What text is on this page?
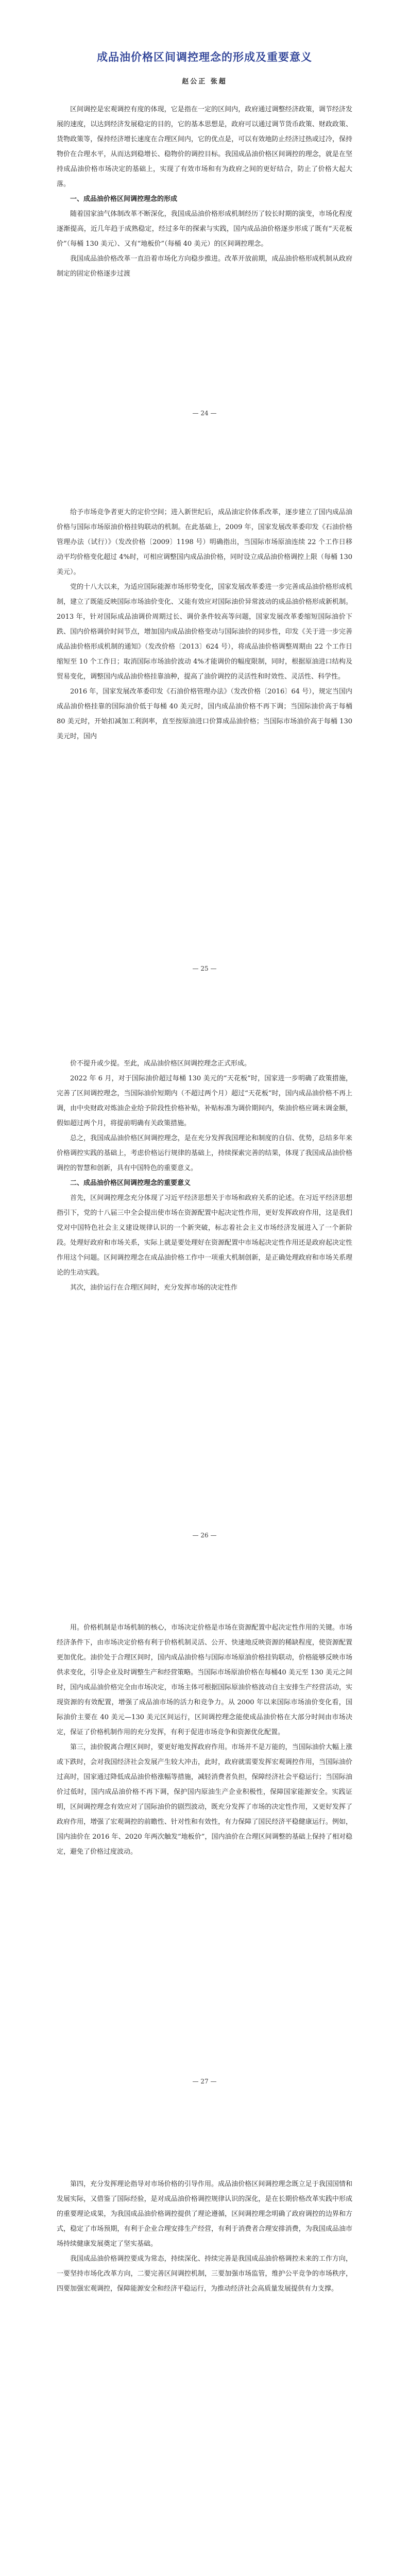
成品油价格区间调控理念的形成及重要意义
赵公正 张超

区间调控是宏观调控有度的体现，它是指在一定的区间内，政府通过调整经济政策，调节经济发展的速度，以达到经济发展稳定的目的，它的基本思想是，政府可以通过调节货币政策、财政政策、货物政策等，保持经济增长速度在合理区间内，它的优点是，可以有效地防止经济过热或过冷，保持物价在合理水平，从而达到稳增长、稳物价的调控目标。我国成品油价格区间调控的理念，就是在坚持成品油价格市场决定的基础上，实现了有效市场和有为政府之间的更好结合，防止了价格大起大落。

一、成品油价格区间调控理念的形成

随着国家油气体制改革不断深化，我国成品油价格形成机制经历了较长时期的演变，市场化程度逐渐提高，近几年趋于成熟稳定，经过多年的探索与实践，国内成品油价格逐步形成了既有“天花板价”（每桶 130 美元）、又有“地板价”（每桶 40 美元）的区间调控理念。

我国成品油价格改革一直沿着市场化方向稳步推进。改革开放前期，成品油价格形成机制从政府制定的固定价格逐步过渡

— 24 —

给予市场竞争者更大的定价空间；进入新世纪后，成品油定价体系改革，逐步建立了国内成品油价格与国际市场原油价格挂钩联动的机制。在此基础上，2009 年，国家发展改革委印发《石油价格管理办法（试行）》（发改价格〔2009〕1198 号）明确指出，当国际市场原油连续 22 个工作日移动平均价格变化超过 4%时，可相应调整国内成品油价格，同时设立成品油价格调控上限（每桶 130 美元）。

党的十八大以来，为适应国际能源市场形势变化，国家发展改革委进一步完善成品油价格形成机制，建立了既能反映国际市场油价变化、又能有效应对国际油价异常波动的成品油价格形成新机制。2013 年，针对国际成品油调价周期过长、调价条件较高等问题，国家发展改革委缩短国际油价下跌、国内价格调价时间节点，增加国内成品油价格变动与国际油价的同步性，印发《关于进一步完善成品油价格形成机制的通知》（发改价格〔2013〕624 号），将成品油价格调整周期由 22 个工作日缩短至 10 个工作日；取消国际市场油价波动 4%才能调价的幅度限制，同时，根据原油进口结构及贸易变化，调整国内成品油价格挂靠油种，提高了油价调控的灵活性和时效性、灵活性、科学性。

2016 年，国家发展改革委印发《石油价格管理办法》（发改价格〔2016〕64 号），规定当国内成品油价格挂靠的国际油价低于每桶 40 美元时，国内成品油价格不再下调；当国际油价高于每桶 80 美元时，开始扣减加工利润率，直至按原油进口价算成品油价格；当国际市场油价高于每桶 130 美元时，国内

— 25 —

价不提升或少提。至此，成品油价格区间调控理念正式形成。

2022 年 6 月，对于国际油价超过每桶 130 美元的“天花板”时，国家进一步明确了政策措施，完善了区间调控理念，当国际油价短期内（不超过两个月）超过“天花板”时，国内成品油价格不再上调，由中央财政对炼油企业给予阶段性价格补贴，补贴标准为调价期间内，柴油价格应调未调金额，假如超过两个月，将提前明确有关政策措施。

总之，我国成品油价格区间调控理念，是在充分发挥我国理论和制度的自信、优势，总结多年来价格调控实践的基础上，考虑价格运行规律的基础上，持续探索完善的结果，体现了我国成品油价格调控的智慧和创新，具有中国特色的重要意义。

二、成品油价格区间调控理念的重要意义

首先，区间调控理念充分体现了习近平经济思想关于市场和政府关系的论述。在习近平经济思想指引下，党的十八届三中全会提出使市场在资源配置中起决定性作用，更好发挥政府作用，这是我们党对中国特色社会主义建设规律认识的一个新突破，标志着社会主义市场经济发展进入了一个新阶段。处理好政府和市场关系，实际上就是要处理好在资源配置中市场起决定性作用还是政府起决定性作用这个问题。区间调控理念在成品油价格工作中一项重大机制创新，是正确处理政府和市场关系理论的生动实践。

其次，油价运行在合理区间时，充分发挥市场的决定性作

— 26 —

用。价格机制是市场机制的核心，市场决定价格是市场在资源配置中起决定性作用的关键。市场经济条件下，由市场决定价格有利于价格机制灵活、公开、快速地反映资源的稀缺程度，使资源配置更加优化。油价处于合理区间时，国内成品油价格与国际市场原油价格挂钩联动，价格能够反映市场供求变化，引导企业及时调整生产和经营策略。当国际市场原油价格在每桶40 美元至 130 美元之间时，国内成品油价格完全由市场决定，市场主体可根据国际原油价格波动自主安排生产经营活动，实现资源的有效配置，增强了成品油市场的活力和竞争力。从 2000 年以来国际市场油价变化看，国际油价主要在 40 美元—130 美元区间运行，区间调控理念能使成品油价格在大部分时间由市场决定，保证了价格机制作用的充分发挥，有利于促进市场竞争和资源优化配置。

第三，油价脱离合理区间时，要更好地发挥政府作用。市场并不是万能的，当国际油价大幅上涨或下跌时，会对我国经济社会发展产生较大冲击，此时，政府就需要发挥宏观调控作用，当国际油价过高时，国家通过降低成品油价格涨幅等措施，减轻消费者负担，保障经济社会平稳运行；当国际油价过低时，国内成品油价格不再下调，保护国内原油生产企业积极性，保障国家能源安全。实践证明，区间调控理念有效应对了国际油价的剧烈波动，既充分发挥了市场的决定性作用，又更好发挥了政府作用，增强了宏观调控的前瞻性、针对性和有效性，有力保障了国民经济平稳健康运行。例如，国内油价在 2016 年、2020 年两次触发“地板价”，国内油价在合理区间调整的基础上保持了相对稳定，避免了价格过度波动。

— 27 —

第四，充分发挥理论指导对市场价格的引导作用。成品油价格区间调控理念既立足于我国国情和发展实际，又借鉴了国际经验，是对成品油价格调控规律认识的深化，是在长期价格改革实践中形成的重要理论成果，为我国成品油价格调控提供了理论遵循，区间调控理念明确了政府调控的边界和方式，稳定了市场预期，有利于企业合理安排生产经营，有利于消费者合理安排消费，为我国成品油市场持续健康发展奠定了坚实基础。

我国成品油价格调控要成为常态，持续深化、持续完善是我国成品油价格调控未来的工作方向，一要坚持市场化改革方向，二要完善区间调控机制，三要加强市场监管，维护公平竞争的市场秩序，四要加强宏观调控，保障能源安全和经济平稳运行，为推动经济社会高质量发展提供有力支撑。
